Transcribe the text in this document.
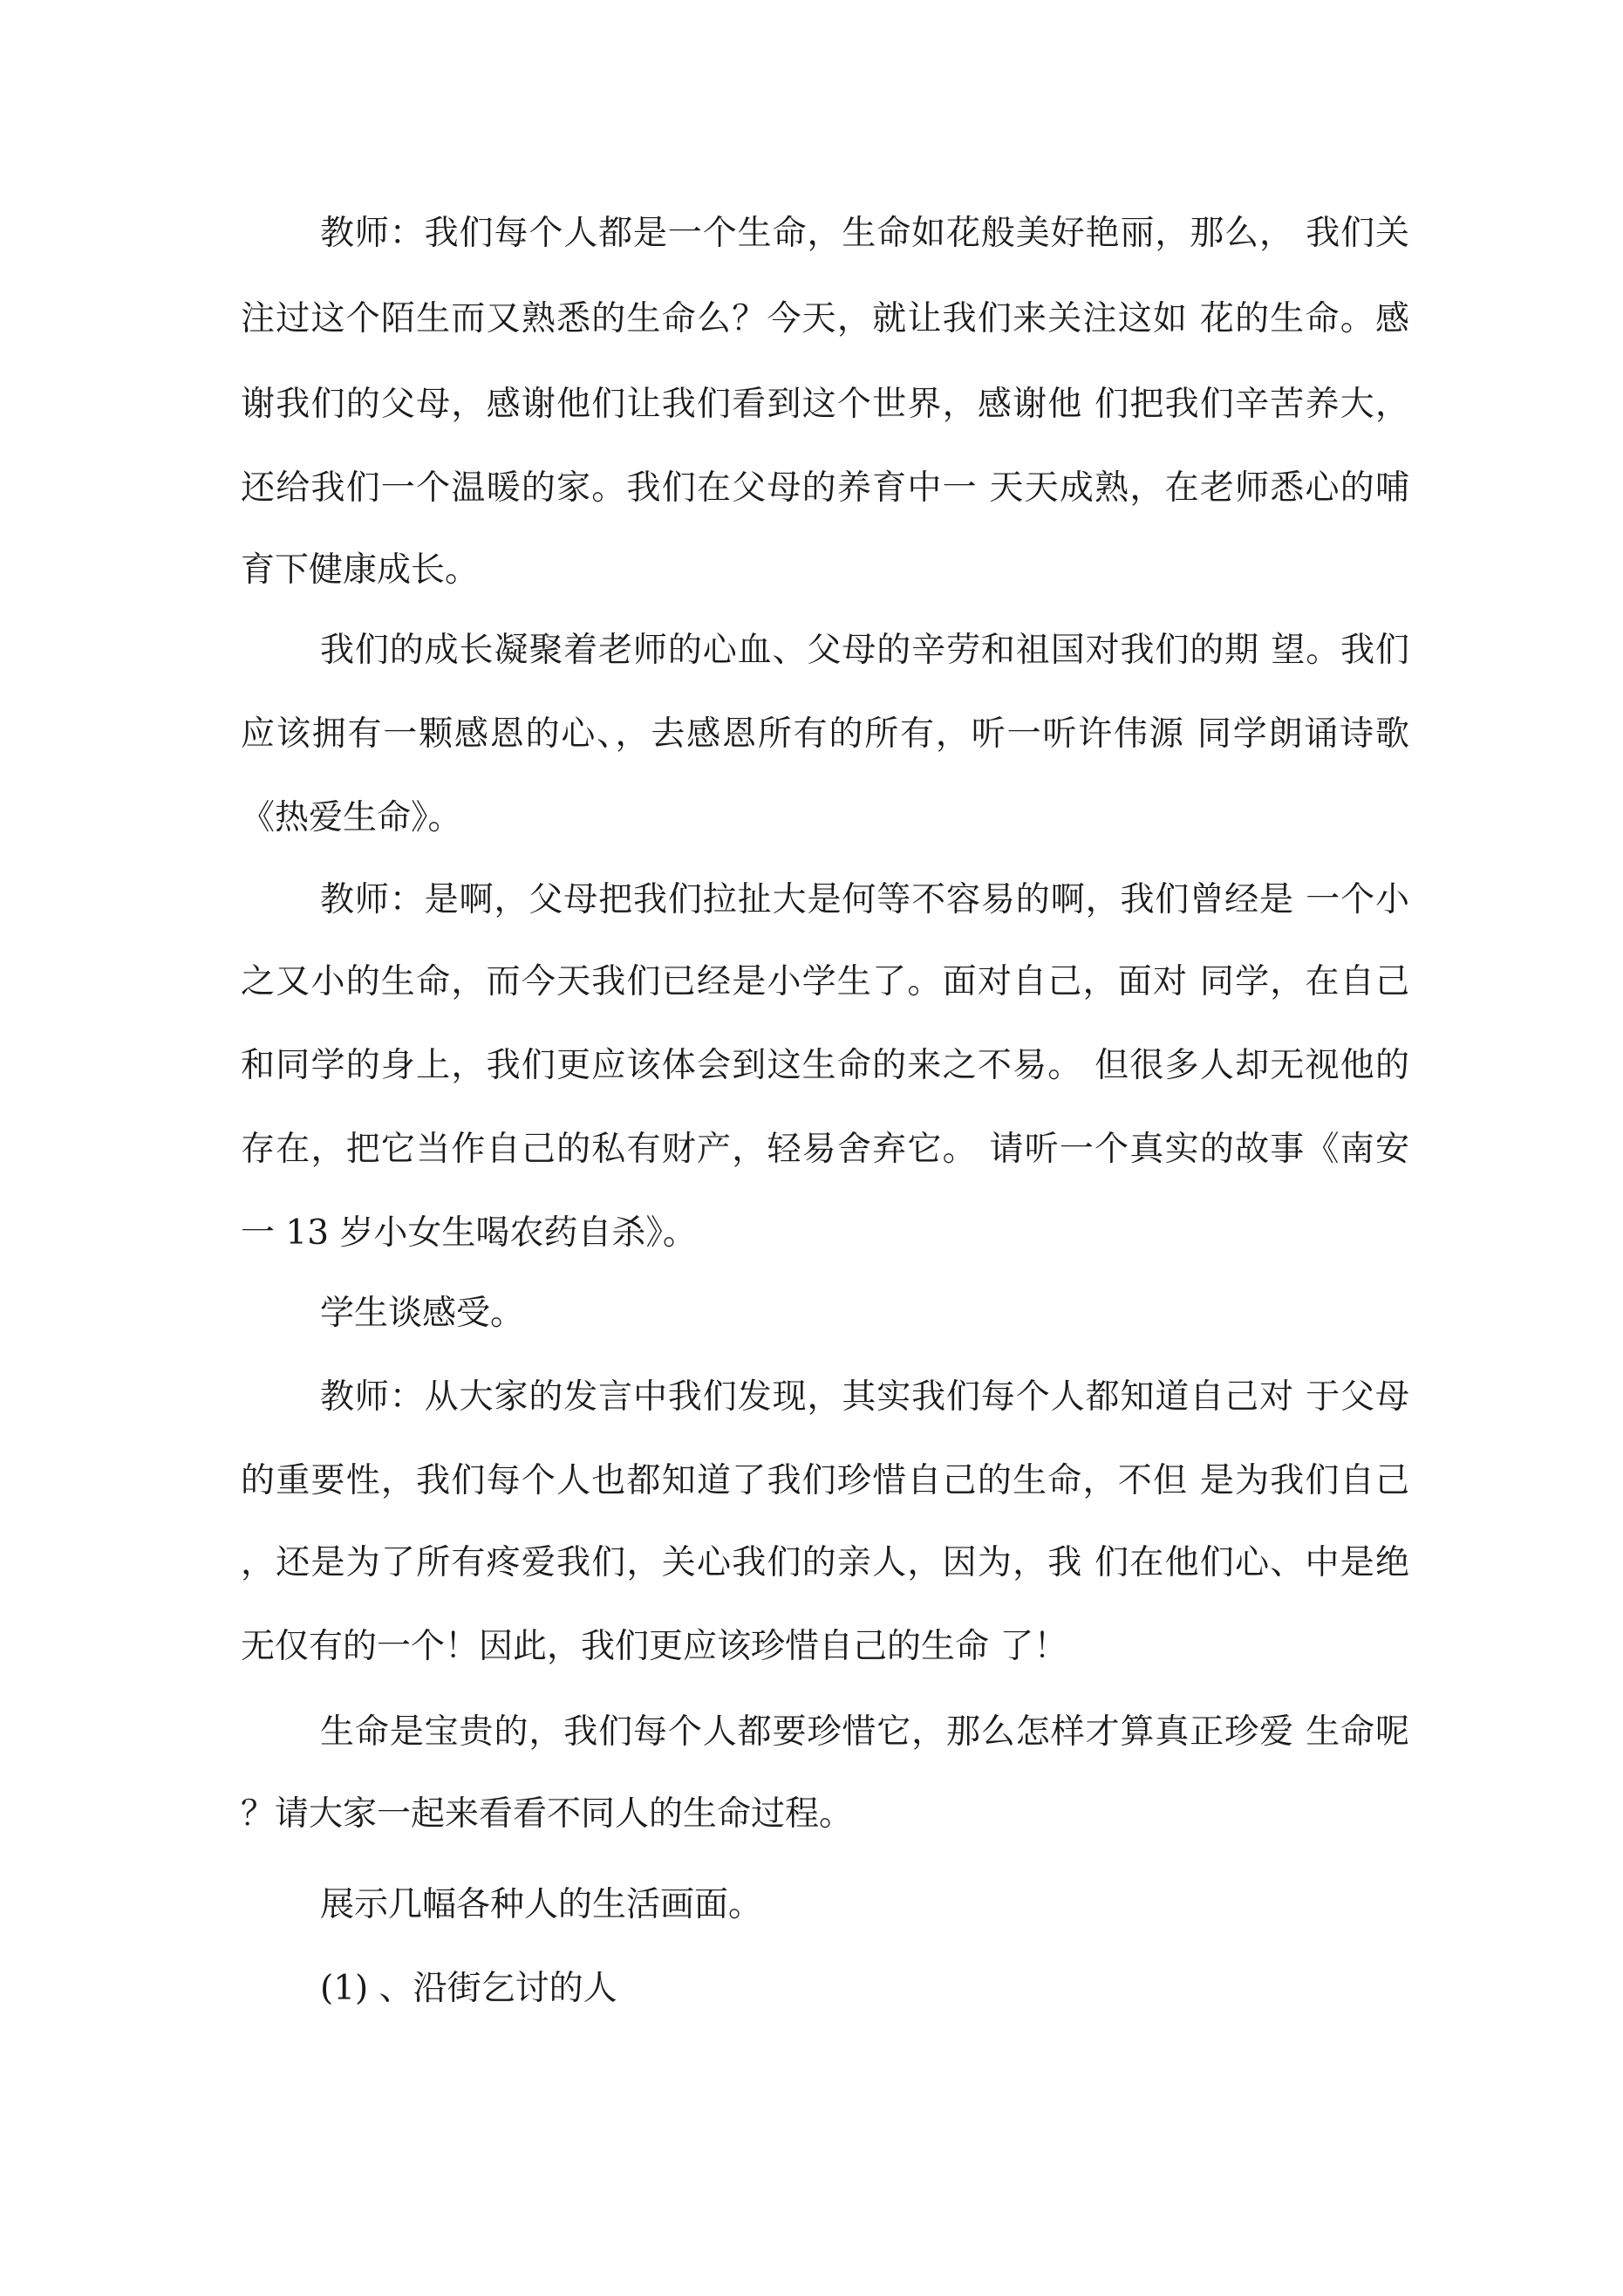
教师：我们每个人都是一个生命，生命如花般美好艳丽，那么， 我们关

注过这个陌生而又熟悉的生命么？今天，就让我们来关注这如 花的生命。感

谢我们的父母，感谢他们让我们看到这个世界，感谢他 们把我们辛苦养大，

还给我们一个温暖的家。我们在父母的养育中一 天天成熟，在老师悉心的哺

育下健康成长。

我们的成长凝聚着老师的心血、父母的辛劳和祖国对我们的期 望。我们

应该拥有一颗感恩的心、，去感恩所有的所有，听一听许伟源 同学朗诵诗歌

《热爱生命》。

教师：是啊，父母把我们拉扯大是何等不容易的啊，我们曾经是 一个小

之又小的生命，而今天我们已经是小学生了。面对自己，面对 同学，在自己

和同学的身上，我们更应该体会到这生命的来之不易。 但很多人却无视他的

存在，把它当作自己的私有财产，轻易舍弃它。 请听一个真实的故事《南安

一 13 岁小女生喝农药自杀》。

学生谈感受。

教师：从大家的发言中我们发现，其实我们每个人都知道自己对 于父母

的重要性，我们每个人也都知道了我们珍惜自己的生命，不但 是为我们自己

，还是为了所有疼爱我们，关心我们的亲人，因为，我 们在他们心、中是绝

无仅有的一个！因此，我们更应该珍惜自己的生命 了！

生命是宝贵的，我们每个人都要珍惜它，那么怎样才算真正珍爱 生命呢

？请大家一起来看看不同人的生命过程。

展示几幅各种人的生活画面。

(1) 、沿街乞讨的人
